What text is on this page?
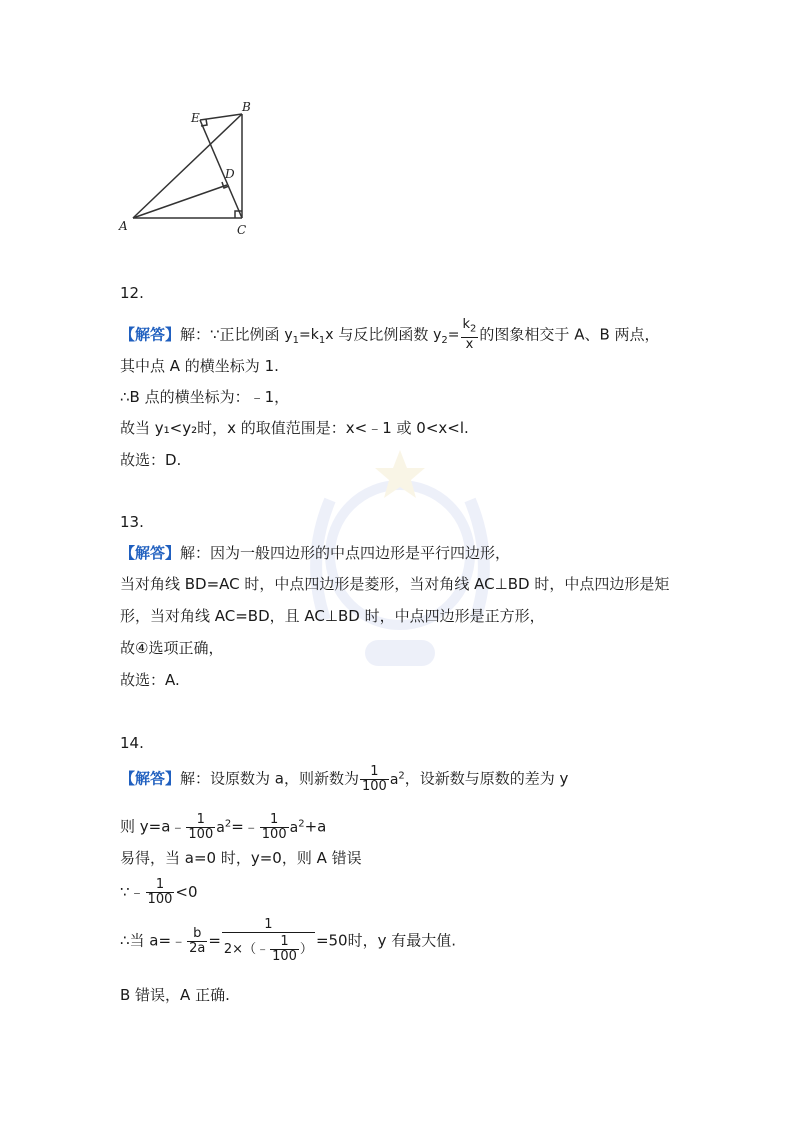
E
B
D
A	C
12.
【解答】解：∵正比例函 $y_1=k_1x$ 与反比例函数 $y_2= \frac{k_2}{x}$ 的图象相交于 A、B 两点，
其中点 A 的横坐标为 1.
∴B 点的横坐标为：﹣1，
故当 y₁<y₂时，x 的取值范围是：x<﹣1 或 0<x<l.
故选：D.
13.
【解答】解：因为一般四边形的中点四边形是平行四边形，
当对角线 BD=AC 时，中点四边形是菱形，当对角线 AC⊥BD 时，中点四边形是矩
形，当对角线 AC=BD，且 AC⊥BD 时，中点四边形是正方形，
故④选项正确，
故选：A.
14.
【解答】解：设原数为 a，则新数为 $\frac{1}{100} a^2$，设新数与原数的差为 y
则 y=a﹣ $\frac{1}{100}$ $a^2=﹣ \frac{1}{100} a^2+a$
易得，当 a=0 时，y=0，则 A 错误
∵﹣ $\frac{1}{100} <0$
∴当 a=﹣ $\frac{b}{2a} = \frac{1}{2\times(﹣ \frac{1}{100} )} =50$时，y 有最大值.
B 错误，A 正确.
